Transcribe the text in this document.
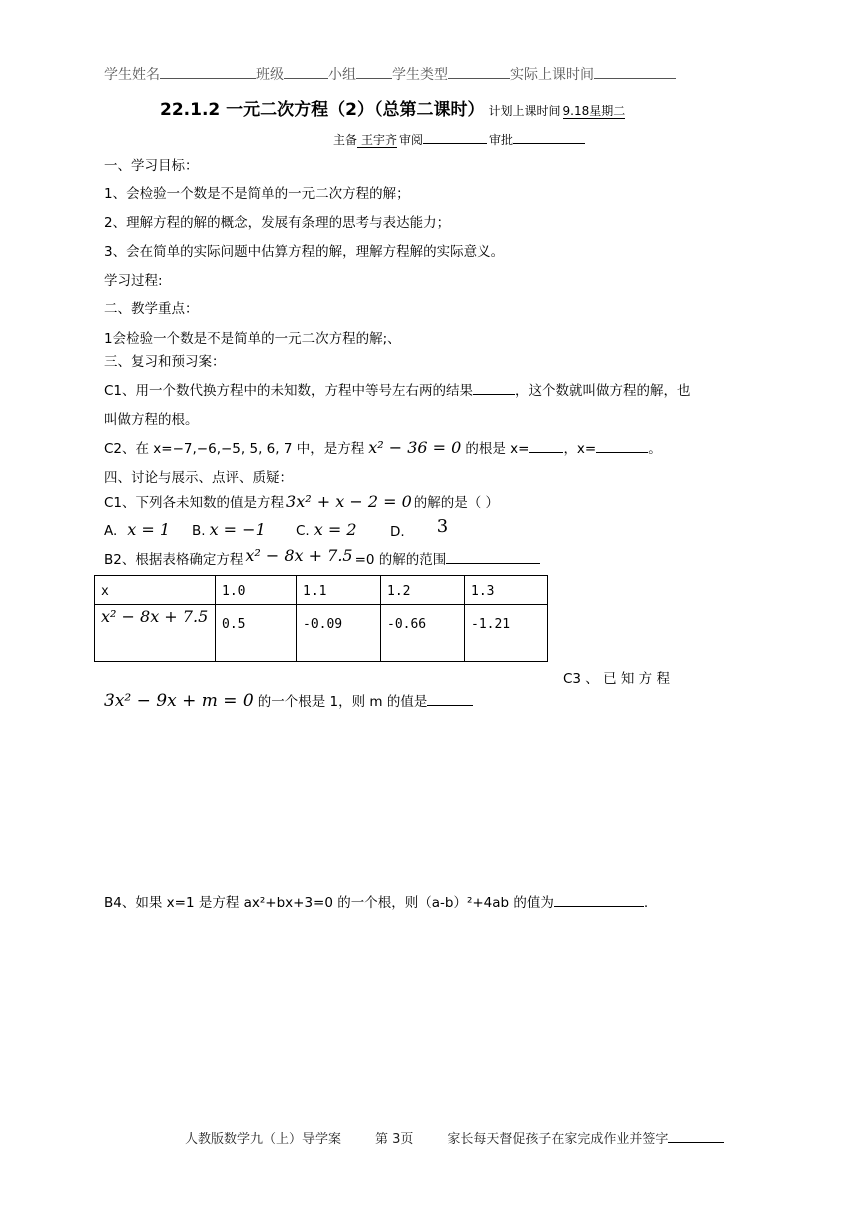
学生姓名	班级	小组	学生类型	实际上课时间
22.1.2 一元二次方程（2）（总第二课时） 计划上课时间 9.18星期二
主备 王宇齐 审阅	审批
一、学习目标：
1、会检验一个数是不是简单的一元二次方程的解；
2、理解方程的解的概念，发展有条理的思考与表达能力；
3、会在简单的实际问题中估算方程的解，理解方程解的实际意义。
学习过程:
二、教学重点：
1会检验一个数是不是简单的一元二次方程的解;、
三、复习和预习案：
C1、用一个数代换方程中的未知数，方程中等号左右两的结果	，这个数就叫做方程的解，也
叫做方程的根。
C2、在 x=−7,−6,−5, 5, 6, 7 中，是方程 x² − 36 = 0 的根是 x=	，x=	。
四、讨论与展示、点评、质疑：
C1、下列各未知数的值是方程 3x² + x − 2 = 0 的解的是（ ）
A. x = 1 B. x = −1 C. x = 2 D. 3
B2、根据表格确定方程 x² − 8x + 7.5 =0 的解的范围
x	1.0	1.1	1.2	1.3
x² − 8x + 7.5	0.5	-0.09	-0.66	-1.21
C3 、 已 知 方 程
3x² − 9x + m = 0 的一个根是 1，则 m 的值是
B4、如果 x=1 是方程 ax²+bx+3=0 的一个根，则（a-b）²+4ab 的值为	.
人教版数学九（上）导学案	第 3页	家长每天督促孩子在家完成作业并签字
